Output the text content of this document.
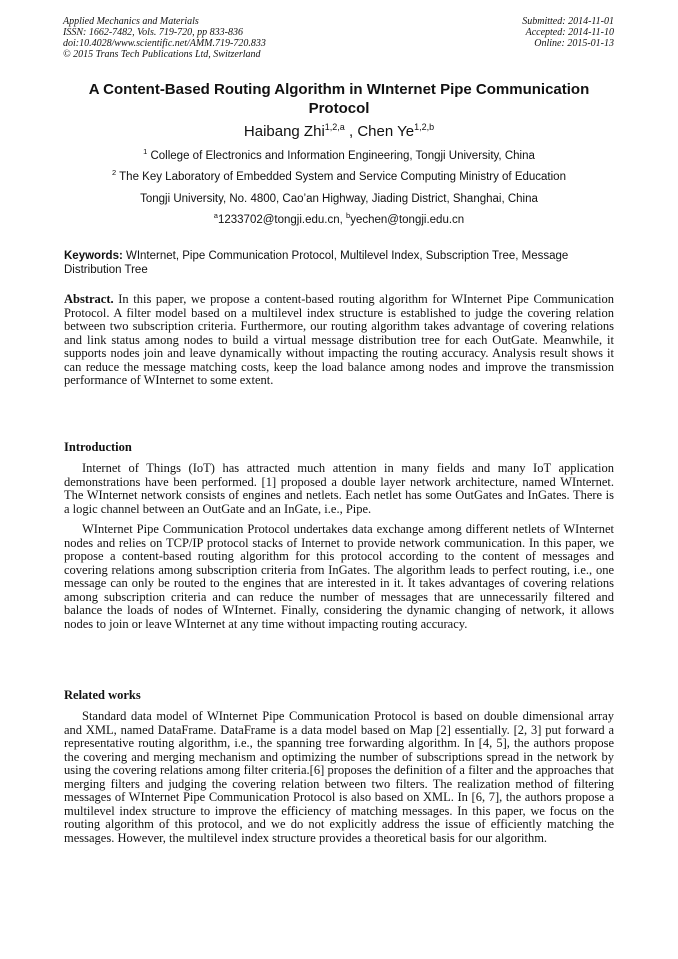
Applied Mechanics and Materials
ISSN: 1662-7482, Vols. 719-720, pp 833-836
doi:10.4028/www.scientific.net/AMM.719-720.833
© 2015 Trans Tech Publications Ltd, Switzerland
Submitted: 2014-11-01
Accepted: 2014-11-10
Online: 2015-01-13
A Content-Based Routing Algorithm in WInternet Pipe Communication Protocol
Haibang Zhi$^{1,2,a}$ , Chen Ye$^{1,2,b}$
$^1$ College of Electronics and Information Engineering, Tongji University, China
$^2$ The Key Laboratory of Embedded System and Service Computing Ministry of Education
Tongji University, No. 4800, Cao’an Highway, Jiading District, Shanghai, China
$^a$1233702@tongji.edu.cn, $^b$yechen@tongji.edu.cn
Keywords: WInternet, Pipe Communication Protocol, Multilevel Index, Subscription Tree, Message Distribution Tree

Abstract. In this paper, we propose a content-based routing algorithm for WInternet Pipe Communication Protocol. A filter model based on a multilevel index structure is established to judge the covering relation between two subscription criteria. Furthermore, our routing algorithm takes advantage of covering relations and link status among nodes to build a virtual message distribution tree for each OutGate. Meanwhile, it supports nodes join and leave dynamically without impacting the routing accuracy. Analysis result shows it can reduce the message matching costs, keep the load balance among nodes and improve the transmission performance of WInternet to some extent.

Introduction

Internet of Things (IoT) has attracted much attention in many fields and many IoT application demonstrations have been performed. [1] proposed a double layer network architecture, named WInternet. The WInternet network consists of engines and netlets. Each netlet has some OutGates and InGates. There is a logic channel between an OutGate and an InGate, i.e., Pipe.

WInternet Pipe Communication Protocol undertakes data exchange among different netlets of WInternet nodes and relies on TCP/IP protocol stacks of Internet to provide network communication. In this paper, we propose a content-based routing algorithm for this protocol according to the content of messages and covering relations among subscription criteria from InGates. The algorithm leads to perfect routing, i.e., one message can only be routed to the engines that are interested in it. It takes advantages of covering relations among subscription criteria and can reduce the number of messages that are unnecessarily filtered and balance the loads of nodes of WInternet. Finally, considering the dynamic changing of network, it allows nodes to join or leave WInternet at any time without impacting routing accuracy.

Related works

Standard data model of WInternet Pipe Communication Protocol is based on double dimensional array and XML, named DataFrame. DataFrame is a data model based on Map [2] essentially. [2, 3] put forward a representative routing algorithm, i.e., the spanning tree forwarding algorithm. In [4, 5], the authors propose the covering and merging mechanism and optimizing the number of subscriptions spread in the network by using the covering relations among filter criteria.[6] proposes the definition of a filter and the approaches that merging filters and judging the covering relation between two filters. The realization method of filtering messages of WInternet Pipe Communication Protocol is also based on XML. In [6, 7], the authors propose a multilevel index structure to improve the efficiency of matching messages. In this paper, we focus on the routing algorithm of this protocol, and we do not explicitly address the issue of efficiently matching the messages. However, the multilevel index structure provides a theoretical basis for our algorithm.
